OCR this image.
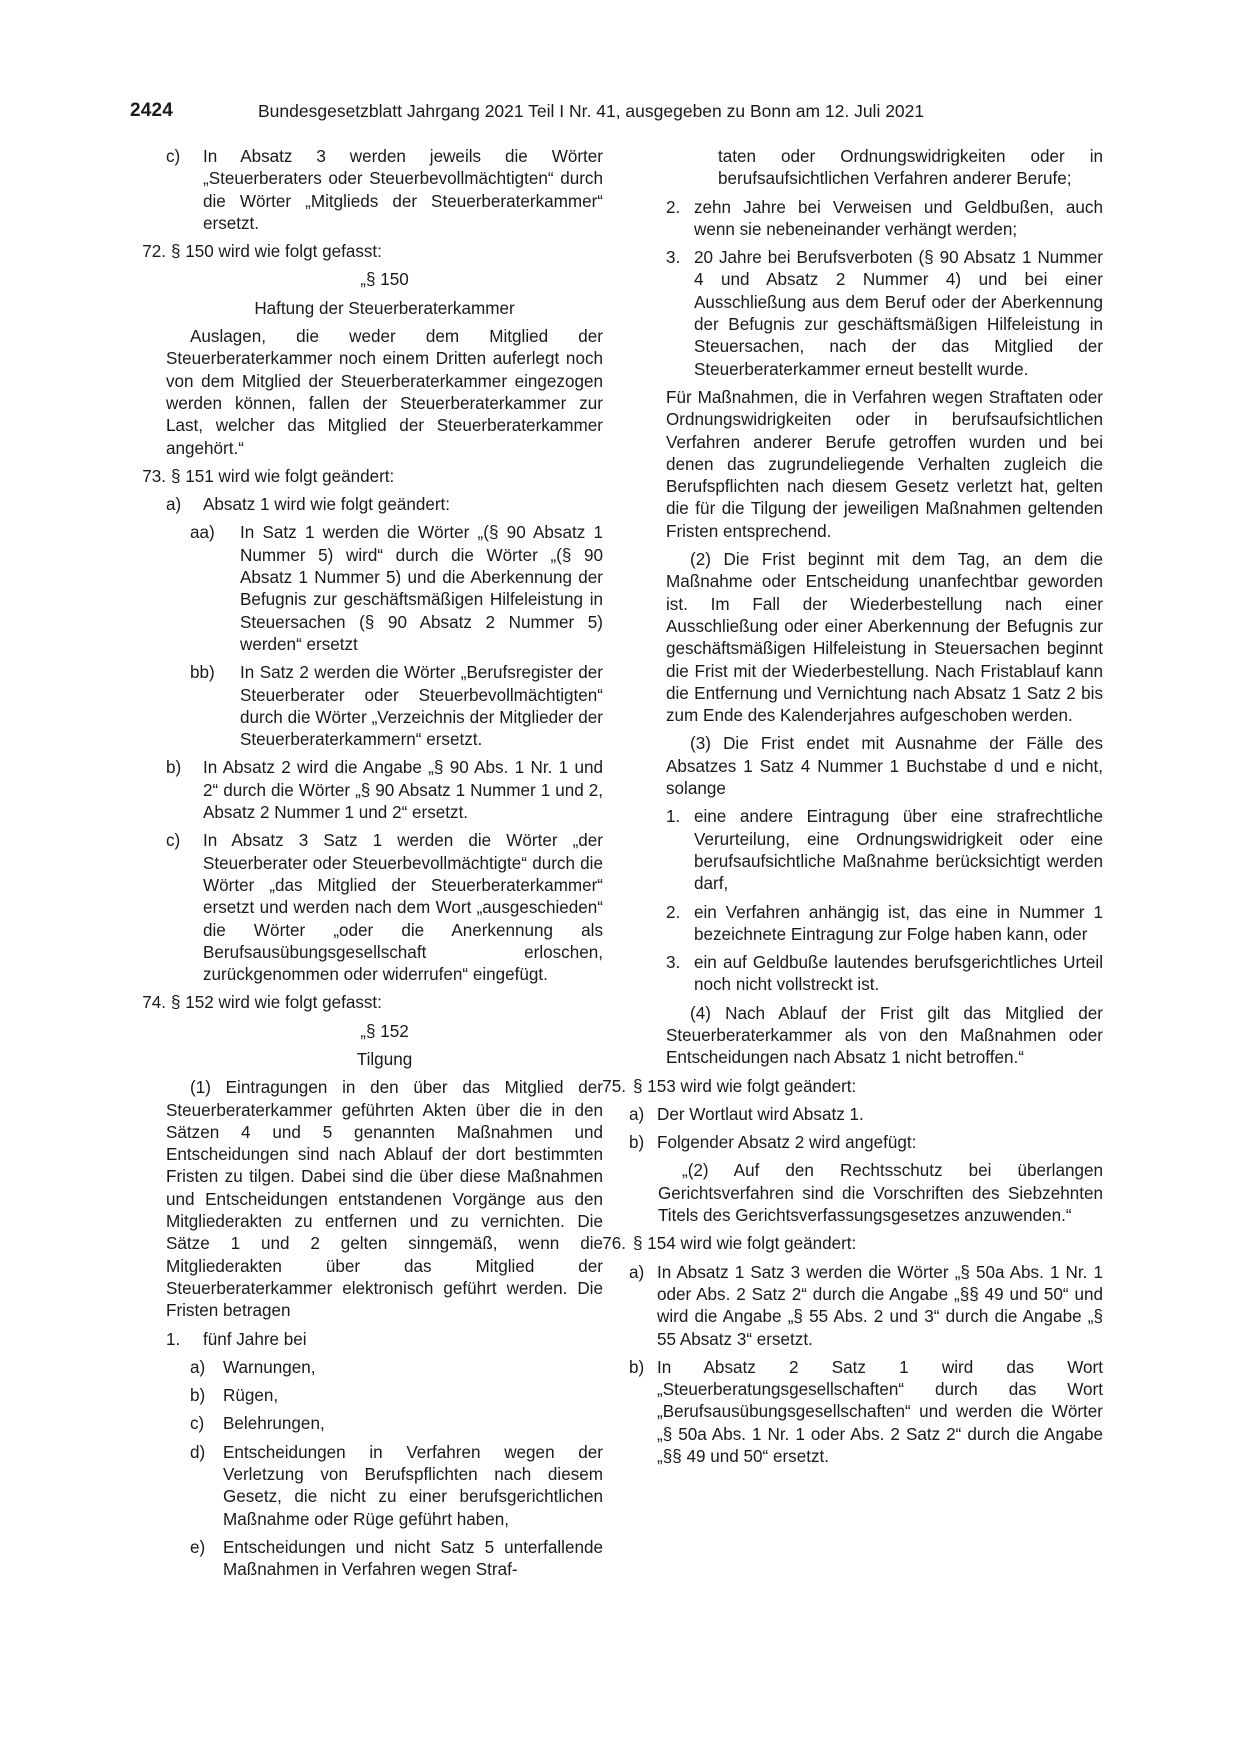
2424	Bundesgesetzblatt Jahrgang 2021 Teil I Nr. 41, ausgegeben zu Bonn am 12. Juli 2021
c)	In Absatz 3 werden jeweils die Wörter „Steuerberaters oder Steuerbevollmächtigten“ durch die Wörter „Mitglieds der Steuerberaterkammer“ ersetzt.
72. § 150 wird wie folgt gefasst:
„§ 150
Haftung der Steuerberaterkammer
Auslagen, die weder dem Mitglied der Steuerberaterkammer noch einem Dritten auferlegt noch von dem Mitglied der Steuerberaterkammer eingezogen werden können, fallen der Steuerberaterkammer zur Last, welcher das Mitglied der Steuerberaterkammer angehört.“
73. § 151 wird wie folgt geändert:
a)	Absatz 1 wird wie folgt geändert:
aa)	In Satz 1 werden die Wörter „(§ 90 Absatz 1 Nummer 5) wird“ durch die Wörter „(§ 90 Absatz 1 Nummer 5) und die Aberkennung der Befugnis zur geschäftsmäßigen Hilfeleistung in Steuersachen (§ 90 Absatz 2 Nummer 5) werden“ ersetzt
bb)	In Satz 2 werden die Wörter „Berufsregister der Steuerberater oder Steuerbevollmächtigten“ durch die Wörter „Verzeichnis der Mitglieder der Steuerberaterkammern“ ersetzt.
b)	In Absatz 2 wird die Angabe „§ 90 Abs. 1 Nr. 1 und 2“ durch die Wörter „§ 90 Absatz 1 Nummer 1 und 2, Absatz 2 Nummer 1 und 2“ ersetzt.
c)	In Absatz 3 Satz 1 werden die Wörter „der Steuerberater oder Steuerbevollmächtigte“ durch die Wörter „das Mitglied der Steuerberaterkammer“ ersetzt und werden nach dem Wort „ausgeschieden“ die Wörter „oder die Anerkennung als Berufsausübungsgesellschaft erloschen, zurückgenommen oder widerrufen“ eingefügt.
74. § 152 wird wie folgt gefasst:
„§ 152
Tilgung
(1) Eintragungen in den über das Mitglied der Steuerberaterkammer geführten Akten über die in den Sätzen 4 und 5 genannten Maßnahmen und Entscheidungen sind nach Ablauf der dort bestimmten Fristen zu tilgen. Dabei sind die über diese Maßnahmen und Entscheidungen entstandenen Vorgänge aus den Mitgliederakten zu entfernen und zu vernichten. Die Sätze 1 und 2 gelten sinngemäß, wenn die Mitgliederakten über das Mitglied der Steuerberaterkammer elektronisch geführt werden. Die Fristen betragen
1.	fünf Jahre bei
a)	Warnungen,
b)	Rügen,
c)	Belehrungen,
d)	Entscheidungen in Verfahren wegen der Verletzung von Berufspflichten nach diesem Gesetz, die nicht zu einer berufsgerichtlichen Maßnahme oder Rüge geführt haben,
e)	Entscheidungen und nicht Satz 5 unterfallende Maßnahmen in Verfahren wegen Straf-
taten oder Ordnungswidrigkeiten oder in berufsaufsichtlichen Verfahren anderer Berufe;
2. zehn Jahre bei Verweisen und Geldbußen, auch wenn sie nebeneinander verhängt werden;
3. 20 Jahre bei Berufsverboten (§ 90 Absatz 1 Nummer 4 und Absatz 2 Nummer 4) und bei einer Ausschließung aus dem Beruf oder der Aberkennung der Befugnis zur geschäftsmäßigen Hilfeleistung in Steuersachen, nach der das Mitglied der Steuerberaterkammer erneut bestellt wurde.
Für Maßnahmen, die in Verfahren wegen Straftaten oder Ordnungswidrigkeiten oder in berufsaufsichtlichen Verfahren anderer Berufe getroffen wurden und bei denen das zugrundeliegende Verhalten zugleich die Berufspflichten nach diesem Gesetz verletzt hat, gelten die für die Tilgung der jeweiligen Maßnahmen geltenden Fristen entsprechend.
(2) Die Frist beginnt mit dem Tag, an dem die Maßnahme oder Entscheidung unanfechtbar geworden ist. Im Fall der Wiederbestellung nach einer Ausschließung oder einer Aberkennung der Befugnis zur geschäftsmäßigen Hilfeleistung in Steuersachen beginnt die Frist mit der Wiederbestellung. Nach Fristablauf kann die Entfernung und Vernichtung nach Absatz 1 Satz 2 bis zum Ende des Kalenderjahres aufgeschoben werden.
(3) Die Frist endet mit Ausnahme der Fälle des Absatzes 1 Satz 4 Nummer 1 Buchstabe d und e nicht, solange
1. eine andere Eintragung über eine strafrechtliche Verurteilung, eine Ordnungswidrigkeit oder eine berufsaufsichtliche Maßnahme berücksichtigt werden darf,
2. ein Verfahren anhängig ist, das eine in Nummer 1 bezeichnete Eintragung zur Folge haben kann, oder
3. ein auf Geldbuße lautendes berufsgerichtliches Urteil noch nicht vollstreckt ist.
(4) Nach Ablauf der Frist gilt das Mitglied der Steuerberaterkammer als von den Maßnahmen oder Entscheidungen nach Absatz 1 nicht betroffen.“
75. § 153 wird wie folgt geändert:
a) Der Wortlaut wird Absatz 1.
b) Folgender Absatz 2 wird angefügt:
„(2) Auf den Rechtsschutz bei überlangen Gerichtsverfahren sind die Vorschriften des Siebzehnten Titels des Gerichtsverfassungsgesetzes anzuwenden.“
76. § 154 wird wie folgt geändert:
a) In Absatz 1 Satz 3 werden die Wörter „§ 50a Abs. 1 Nr. 1 oder Abs. 2 Satz 2“ durch die Angabe „§§ 49 und 50“ und wird die Angabe „§ 55 Abs. 2 und 3“ durch die Angabe „§ 55 Absatz 3“ ersetzt.
b) In Absatz 2 Satz 1 wird das Wort „Steuerberatungsgesellschaften“ durch das Wort „Berufsausübungsgesellschaften“ und werden die Wörter „§ 50a Abs. 1 Nr. 1 oder Abs. 2 Satz 2“ durch die Angabe „§§ 49 und 50“ ersetzt.
